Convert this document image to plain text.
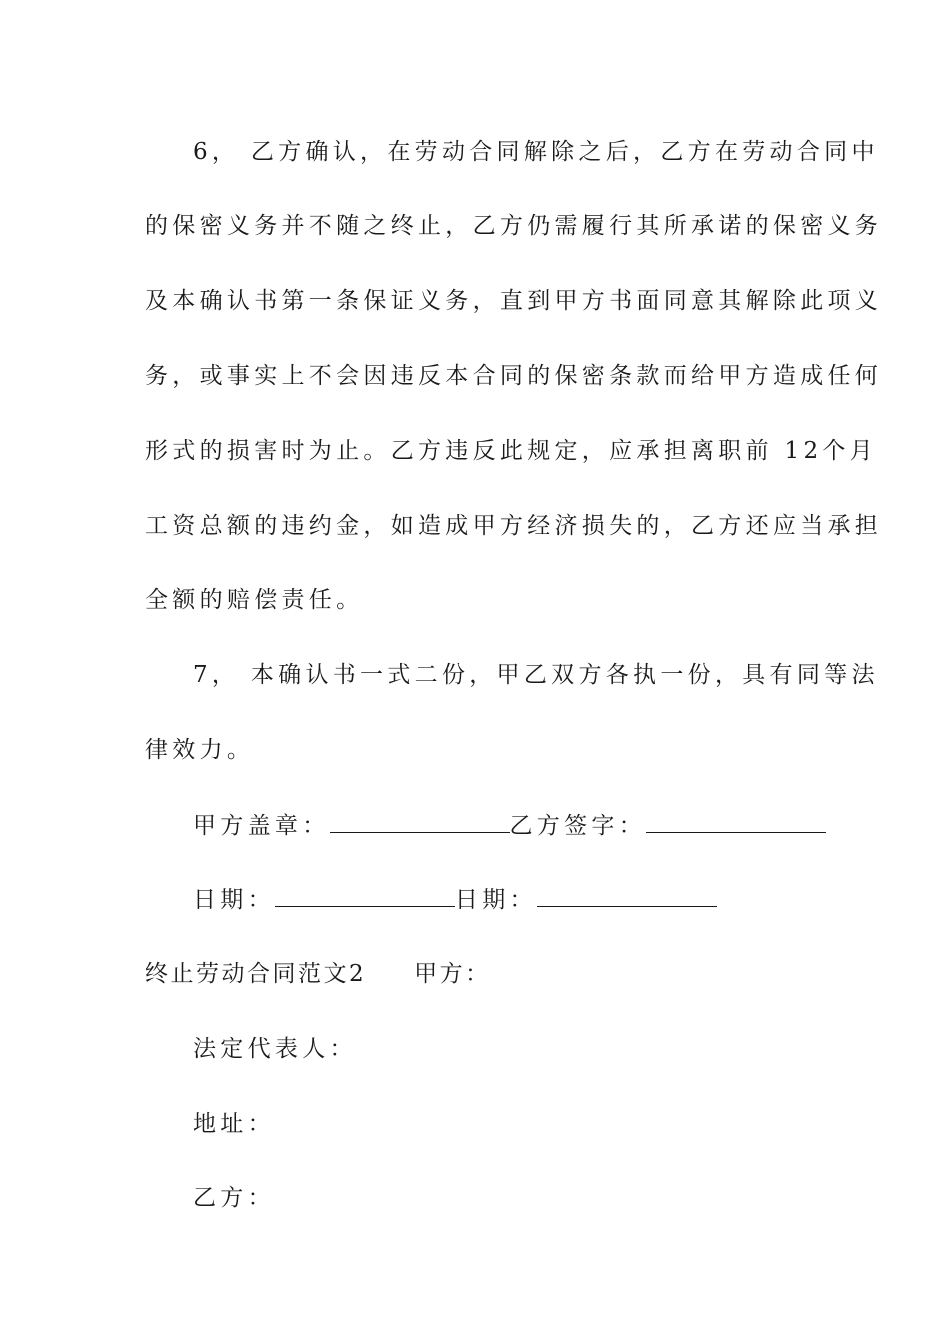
6， 乙方确认，在劳动合同解除之后，乙方在劳动合同中
的保密义务并不随之终止，乙方仍需履行其所承诺的保密义务
及本确认书第一条保证义务，直到甲方书面同意其解除此项义
务，或事实上不会因违反本合同的保密条款而给甲方造成任何
形式的损害时为止。乙方违反此规定，应承担离职前 12个月
工资总额的违约金，如造成甲方经济损失的，乙方还应当承担
全额的赔偿责任。
7， 本确认书一式二份，甲乙双方各执一份，具有同等法
律效力。
甲方盖章：	乙方签字：
日期：	日期：
终止劳动合同范文2 甲方：
法定代表人：
地址：
乙方：
